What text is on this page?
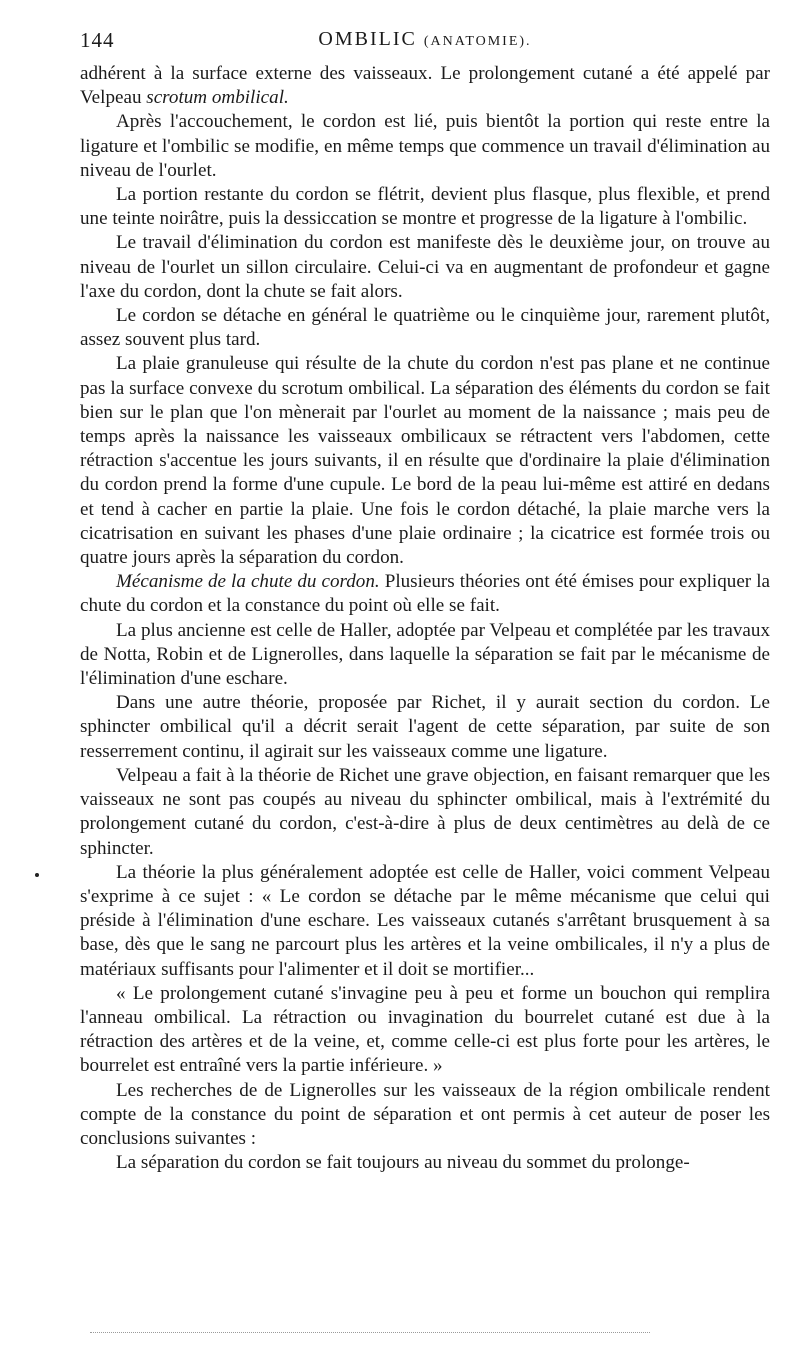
144	OMBILIC (ANATOMIE).

adhérent à la surface externe des vaisseaux. Le prolongement cutané a été appelé par Velpeau scrotum ombilical.

Après l'accouchement, le cordon est lié, puis bientôt la portion qui reste entre la ligature et l'ombilic se modifie, en même temps que commence un travail d'élimination au niveau de l'ourlet.

La portion restante du cordon se flétrit, devient plus flasque, plus flexible, et prend une teinte noirâtre, puis la dessiccation se montre et progresse de la ligature à l'ombilic.

Le travail d'élimination du cordon est manifeste dès le deuxième jour, on trouve au niveau de l'ourlet un sillon circulaire. Celui-ci va en augmentant de profondeur et gagne l'axe du cordon, dont la chute se fait alors.

Le cordon se détache en général le quatrième ou le cinquième jour, rarement plutôt, assez souvent plus tard.

La plaie granuleuse qui résulte de la chute du cordon n'est pas plane et ne continue pas la surface convexe du scrotum ombilical. La séparation des éléments du cordon se fait bien sur le plan que l'on mènerait par l'ourlet au moment de la naissance ; mais peu de temps après la naissance les vaisseaux ombilicaux se rétractent vers l'abdomen, cette rétraction s'accentue les jours suivants, il en résulte que d'ordinaire la plaie d'élimination du cordon prend la forme d'une cupule. Le bord de la peau lui-même est attiré en dedans et tend à cacher en partie la plaie. Une fois le cordon détaché, la plaie marche vers la cicatrisation en suivant les phases d'une plaie ordinaire ; la cicatrice est formée trois ou quatre jours après la séparation du cordon.

Mécanisme de la chute du cordon. Plusieurs théories ont été émises pour expliquer la chute du cordon et la constance du point où elle se fait.

La plus ancienne est celle de Haller, adoptée par Velpeau et complétée par les travaux de Notta, Robin et de Lignerolles, dans laquelle la séparation se fait par le mécanisme de l'élimination d'une eschare.

Dans une autre théorie, proposée par Richet, il y aurait section du cordon. Le sphincter ombilical qu'il a décrit serait l'agent de cette séparation, par suite de son resserrement continu, il agirait sur les vaisseaux comme une ligature.

Velpeau a fait à la théorie de Richet une grave objection, en faisant remarquer que les vaisseaux ne sont pas coupés au niveau du sphincter ombilical, mais à l'extrémité du prolongement cutané du cordon, c'est-à-dire à plus de deux centimètres au delà de ce sphincter.

La théorie la plus généralement adoptée est celle de Haller, voici comment Velpeau s'exprime à ce sujet : « Le cordon se détache par le même mécanisme que celui qui préside à l'élimination d'une eschare. Les vaisseaux cutanés s'arrêtant brusquement à sa base, dès que le sang ne parcourt plus les artères et la veine ombilicales, il n'y a plus de matériaux suffisants pour l'alimenter et il doit se mortifier...

« Le prolongement cutané s'invagine peu à peu et forme un bouchon qui remplira l'anneau ombilical. La rétraction ou invagination du bourrelet cutané est due à la rétraction des artères et de la veine, et, comme celle-ci est plus forte pour les artères, le bourrelet est entraîné vers la partie inférieure. »

Les recherches de de Lignerolles sur les vaisseaux de la région ombilicale rendent compte de la constance du point de séparation et ont permis à cet auteur de poser les conclusions suivantes :

La séparation du cordon se fait toujours au niveau du sommet du prolonge-
